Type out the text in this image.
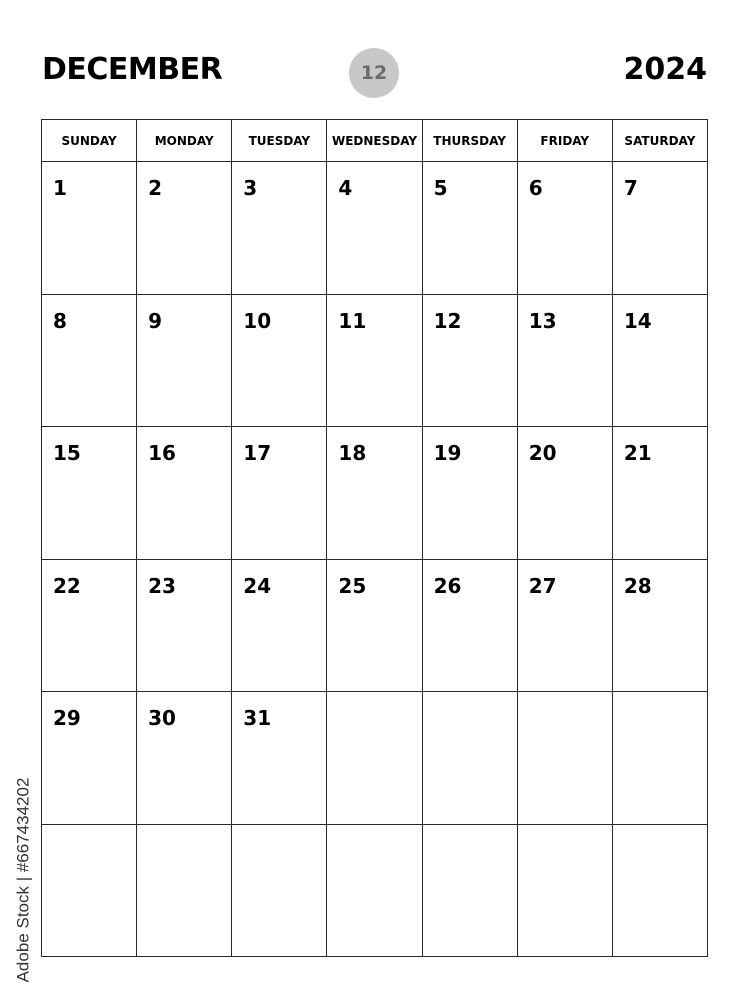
DECEMBER	12	2024
SUNDAY	MONDAY	TUESDAY	WEDNESDAY	THURSDAY	FRIDAY	SATURDAY
1	2	3	4	5	6	7
8	9	10	11	12	13	14
15	16	17	18	19	20	21
22	23	24	25	26	27	28
29	30	31
Adobe Stock | #667434202
